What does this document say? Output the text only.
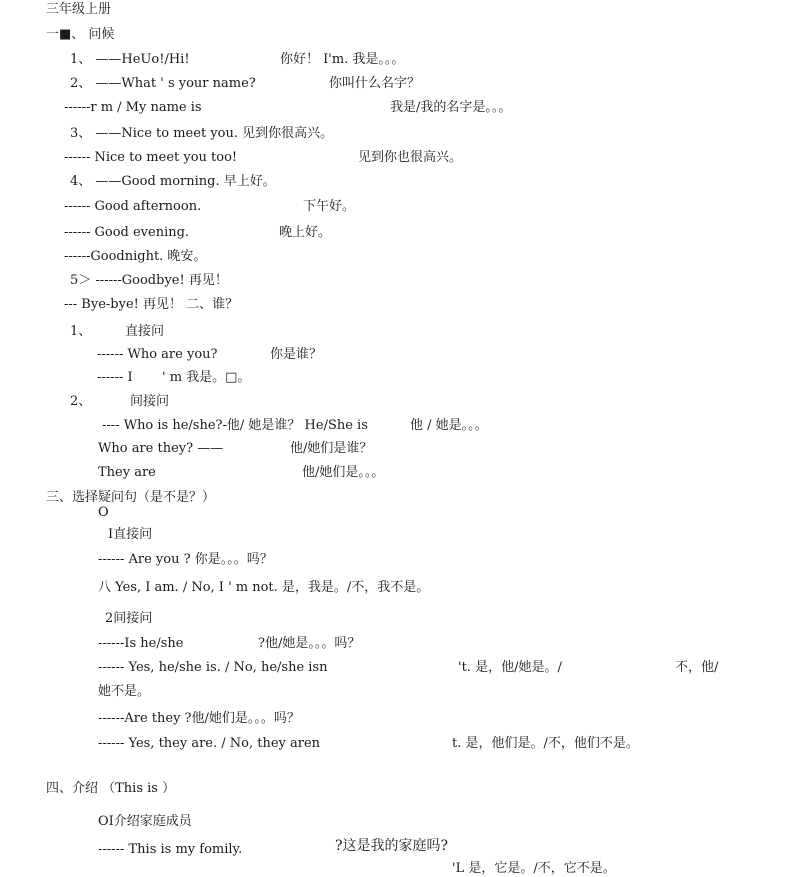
三年级上册
一■、 问候
1、 ——HeUo!/Hi!	你好！ I'm. 我是。。。
2、 ——What ' s your name?	你叫什么名字？
------r m / My name is	我是/我的名字是。。。
3、 ——Nice to meet you. 见到你很高兴。
------ Nice to meet you too!	见到你也很高兴。
4、 ——Good morning. 早上好。
------ Good afternoon.	下午好。
------ Good evening.	晚上好。
------Goodnight. 晚安。
5＞ ------Goodbye! 再见！
--- Bye-bye! 再见！ 二、谁？
1、	直接问
------ Who are you?	你是谁？
------ I ' m 我是。□。
2、	间接问
---- Who is he/she?-他/ 她是谁？ He/She is	他 / 她是。。。
Who are they? ——	他/她们是谁？
They are	他/她们是。。。
三、选择疑问句（是不是？）
O
I直接问
------ Are you ? 你是。。。吗？
八 Yes, I am. / No, I ' m not. 是，我是。/不，我不是。
2间接问
------Is he/she	?他/她是。。。吗？
------ Yes, he/she is. / No, he/she isn	't. 是，他/她是。/	不，他/
她不是。
------Are they ?他/她们是。。。吗？
------ Yes, they are. / No, they aren	t. 是，他们是。/不，他们不是。
四、介绍 （This is ）
OI介绍家庭成员
------ This is my fomily.	?这是我的家庭吗?
'L 是，它是。/不，它不是。
